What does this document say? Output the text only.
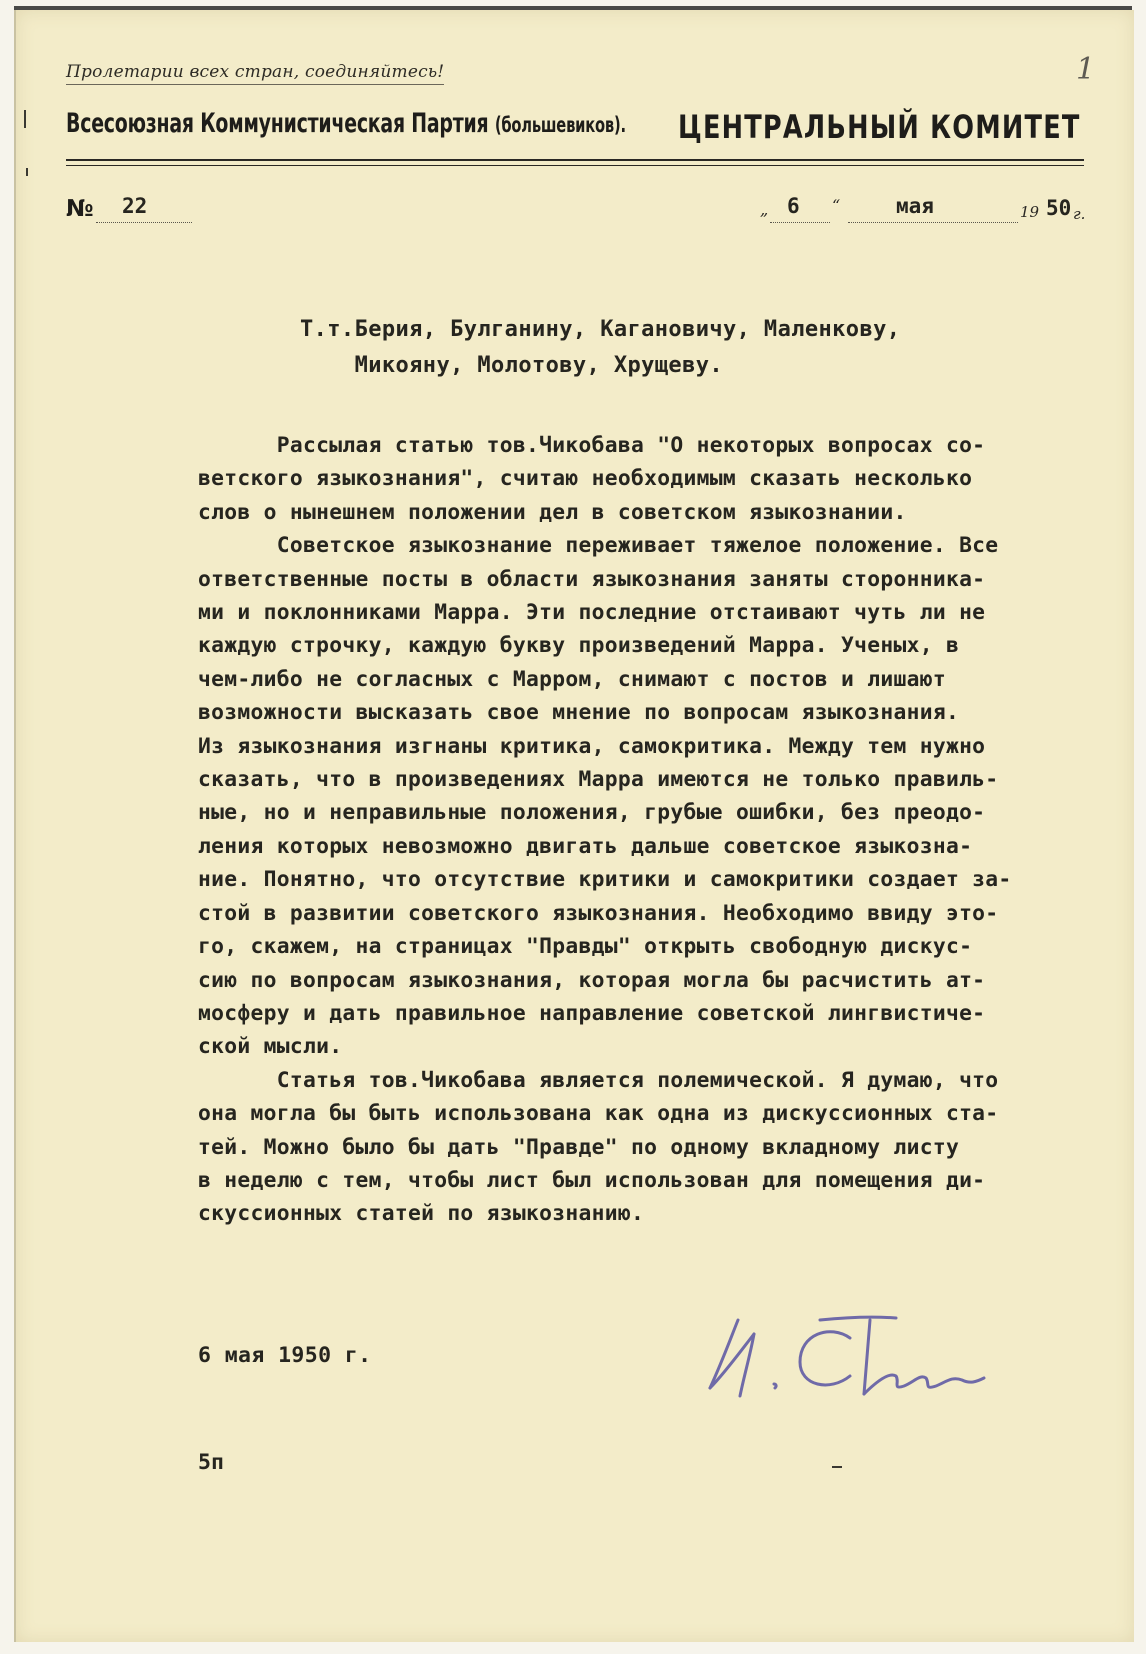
Пролетарии всех стран, соединяйтесь!	1
Всесоюзная Коммунистическая Партия (большевиков). ЦЕНТРАЛЬНЫЙ КОМИТЕТ
№ 22	„ 6 “	мая	19 50 г.
Т.т.Берия, Булганину, Кагановичу, Маленкову,
Микояну, Молотову, Хрущеву.
Рассылая статью тов.Чикобава "О некоторых вопросах со-
ветского языкознания", считаю необходимым сказать несколько
слов о нынешнем положении дел в советском языкознании.
Советское языкознание переживает тяжелое положение. Все
ответственные посты в области языкознания заняты сторонника-
ми и поклонниками Марра. Эти последние отстаивают чуть ли не
каждую строчку, каждую букву произведений Марра. Ученых, в
чем-либо не согласных с Марром, снимают с постов и лишают
возможности высказать свое мнение по вопросам языкознания.
Из языкознания изгнаны критика, самокритика. Между тем нужно
сказать, что в произведениях Марра имеются не только правиль-
ные, но и неправильные положения, грубые ошибки, без преодо-
ления которых невозможно двигать дальше советское языкозна-
ние. Понятно, что отсутствие критики и самокритики создает за-
стой в развитии советского языкознания. Необходимо ввиду это-
го, скажем, на страницах "Правды" открыть свободную дискус-
сию по вопросам языкознания, которая могла бы расчистить ат-
мосферу и дать правильное направление советской лингвистиче-
ской мысли.
Статья тов.Чикобава является полемической. Я думаю, что
она могла бы быть использована как одна из дискуссионных ста-
тей. Можно было бы дать "Правде" по одному вкладному листу
в неделю с тем, чтобы лист был использован для помещения ди-
скуссионных статей по языкознанию.
6 мая 1950 г.
5п
